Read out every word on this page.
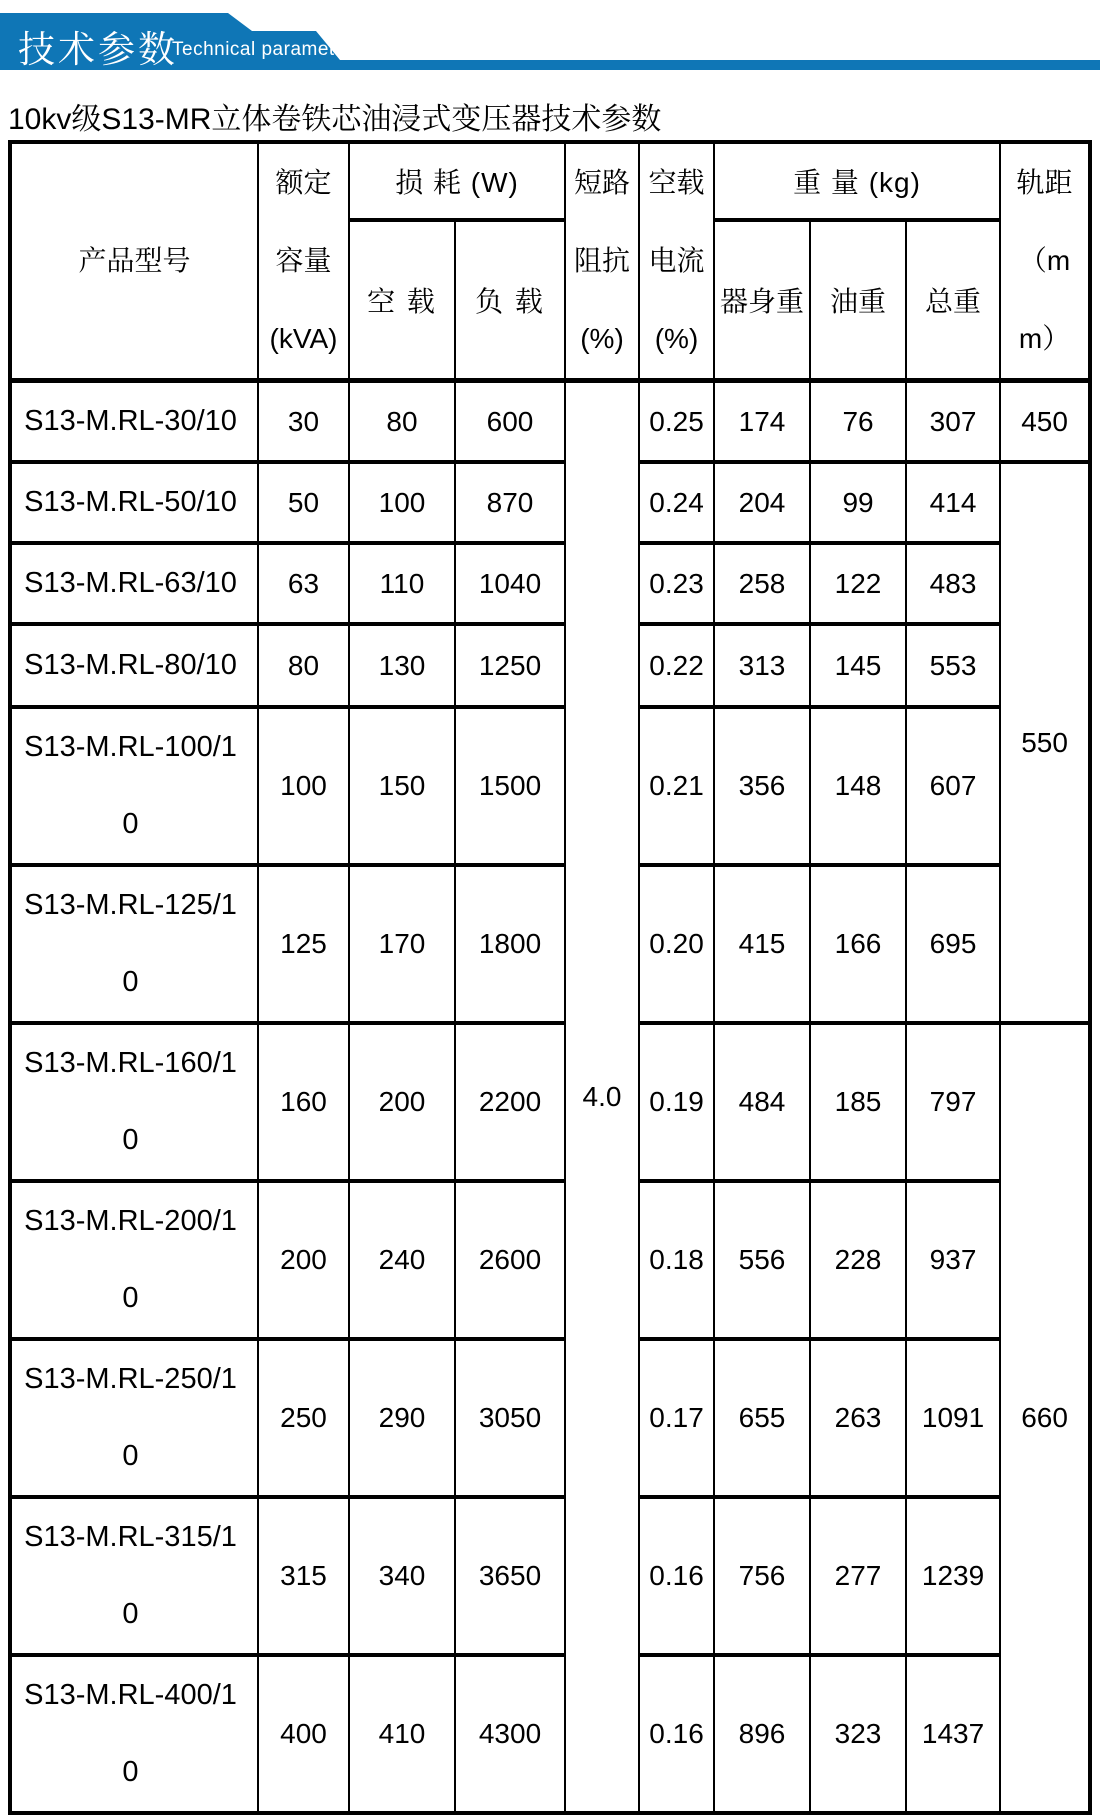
技术参数
Technical parameter
10kv级S13-MR立体卷铁芯油浸式变压器技术参数
产品型号	额定容量(kVA)	损 耗 (W)		短路阻抗(%)	空载电流(%)	重 量 (kg)			轨距（mm）
		空 载	负 载			器身重	油重	总重	
S13-M.RL-30/10	30	80	600	4.0	0.25	174	76	307	450
S13-M.RL-50/10	50	100	870		0.24	204	99	414	550
S13-M.RL-63/10	63	110	1040		0.23	258	122	483	
S13-M.RL-80/10	80	130	1250		0.22	313	145	553	
S13-M.RL-100/10	100	150	1500		0.21	356	148	607	
S13-M.RL-125/10	125	170	1800		0.20	415	166	695	
S13-M.RL-160/10	160	200	2200		0.19	484	185	797	660
S13-M.RL-200/10	200	240	2600		0.18	556	228	937	
S13-M.RL-250/10	250	290	3050		0.17	655	263	1091	
S13-M.RL-315/10	315	340	3650		0.16	756	277	1239	
S13-M.RL-400/10	400	410	4300		0.16	896	323	1437	
